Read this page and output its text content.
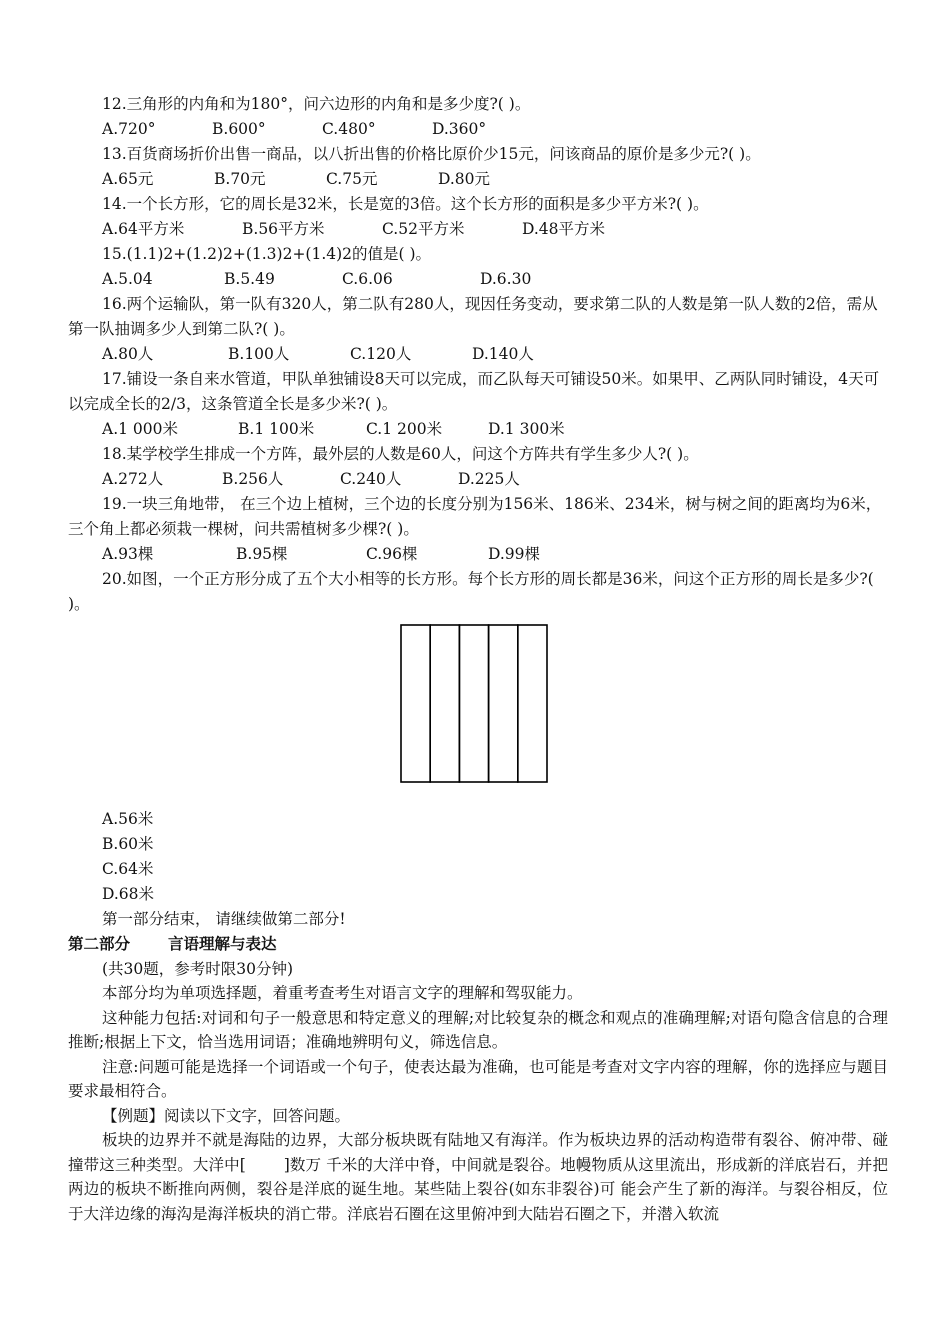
12.三角形的内角和为180°，问六边形的内角和是多少度?( )。

A.720°	B.600°	C.480°	D.360°

13.百货商场折价出售一商品，以八折出售的价格比原价少15元，问该商品的原价是多少元?( )。

A.65元	B.70元	C.75元	D.80元

14.一个长方形，它的周长是32米，长是宽的3倍。这个长方形的面积是多少平方米?( )。

A.64平方米	B.56平方米	C.52平方米	D.48平方米

15.(1.1)2+(1.2)2+(1.3)2+(1.4)2的值是( )。

A.5.04	B.5.49	C.6.06	D.6.30

16.两个运输队，第一队有320人，第二队有280人，现因任务变动，要求第二队的人数是第一队人数的2倍，需从第一队抽调多少人到第二队?( )。

A.80人	B.100人	C.120人	D.140人

17.铺设一条自来水管道，甲队单独铺设8天可以完成，而乙队每天可铺设50米。如果甲、乙两队同时铺设，4天可以完成全长的2/3，这条管道全长是多少米?( )。

A.1 000米	B.1 100米	C.1 200米	D.1 300米

18.某学校学生排成一个方阵，最外层的人数是60人，问这个方阵共有学生多少人?( )。

A.272人	B.256人	C.240人	D.225人

19.一块三角地带， 在三个边上植树，三个边的长度分别为156米、186米、234米，树与树之间的距离均为6米，三个角上都必须栽一棵树，问共需植树多少棵?( )。

A.93棵	B.95棵	C.96棵	D.99棵

20.如图，一个正方形分成了五个大小相等的长方形。每个长方形的周长都是36米，问这个正方形的周长是多少?( )。

A.56米

B.60米

C.64米

D.68米

第一部分结束， 请继续做第二部分!

第二部分 言语理解与表达

(共30题，参考时限30分钟)

本部分均为单项选择题，着重考查考生对语言文字的理解和驾驭能力。

这种能力包括:对词和句子一般意思和特定意义的理解;对比较复杂的概念和观点的准确理解;对语句隐含信息的合理推断;根据上下文，恰当选用词语；准确地辨明句义，筛选信息。

注意:问题可能是选择一个词语或一个句子，使表达最为准确，也可能是考查对文字内容的理解，你的选择应与题目要求最相符合。

【例题】阅读以下文字，回答问题。

板块的边界并不就是海陆的边界，大部分板块既有陆地又有海洋。作为板块边界的活动构造带有裂谷、俯冲带、碰撞带这三种类型。大洋中[ ]数万 千米的大洋中脊，中间就是裂谷。地幔物质从这里流出，形成新的洋底岩石，并把两边的板块不断推向两侧，裂谷是洋底的诞生地。某些陆上裂谷(如东非裂谷)可 能会产生了新的海洋。与裂谷相反，位于大洋边缘的海沟是海洋板块的消亡带。洋底岩石圈在这里俯冲到大陆岩石圈之下，并潜入软流
